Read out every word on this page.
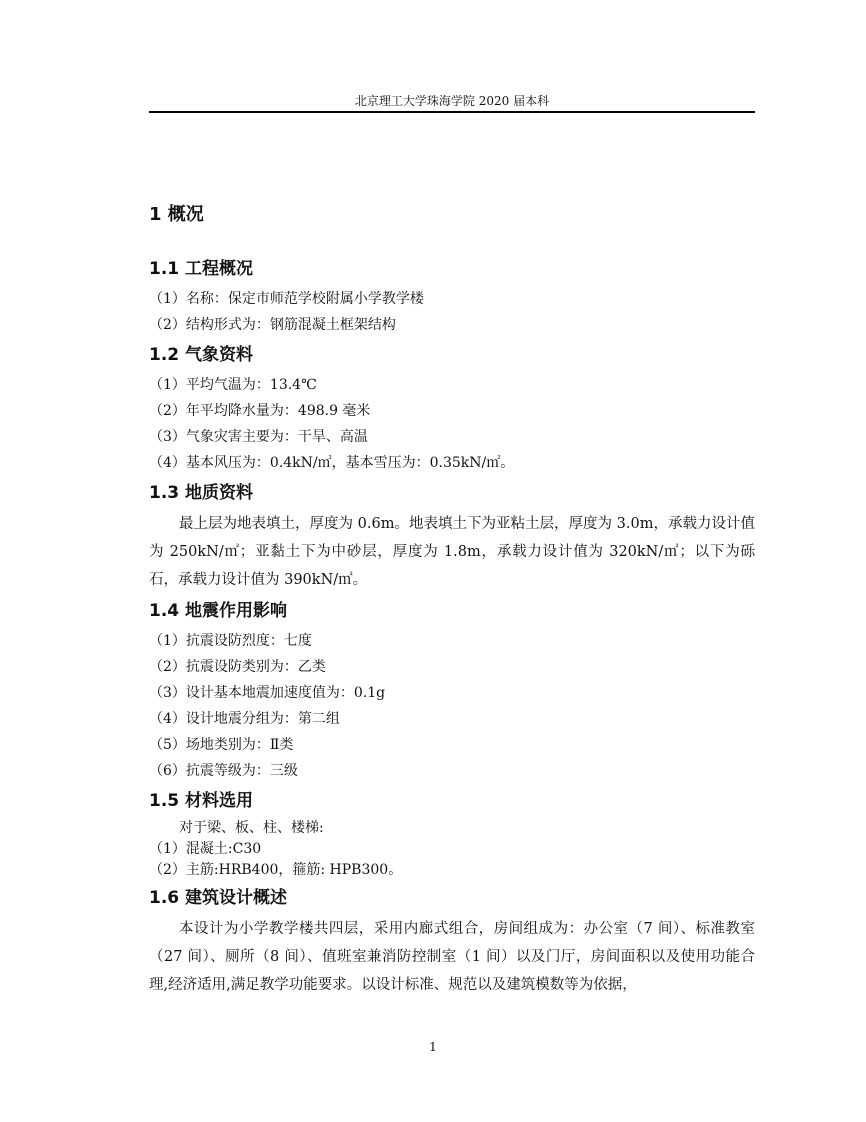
北京理工大学珠海学院 2020 届本科
1 概况
1.1 工程概况

（1）名称：保定市师范学校附属小学教学楼

（2）结构形式为：钢筋混凝土框架结构

1.2 气象资料

（1）平均气温为：13.4℃

（2）年平均降水量为：498.9 毫米

（3）气象灾害主要为：干旱、高温

（4）基本风压为：0.4kN/㎡，基本雪压为：0.35kN/㎡。

1.3 地质资料

最上层为地表填土，厚度为 0.6m。地表填土下为亚粘土层，厚度为 3.0m，承载力设计值为 250kN/㎡；亚黏土下为中砂层，厚度为 1.8m，承载力设计值为 320kN/㎡；以下为砾石，承载力设计值为 390kN/㎡。

1.4 地震作用影响

（1）抗震设防烈度：七度

（2）抗震设防类别为：乙类

（3）设计基本地震加速度值为：0.1g

（4）设计地震分组为：第二组

（5）场地类别为：Ⅱ类

（6）抗震等级为：三级

1.5 材料选用

对于梁、板、柱、楼梯:

（1）混凝土:C30

（2）主筋:HRB400，箍筋: HPB300。

1.6 建筑设计概述

本设计为小学教学楼共四层，采用内廊式组合，房间组成为：办公室（7 间）、标准教室（27 间）、厕所（8 间）、值班室兼消防控制室（1 间）以及门厅，房间面积以及使用功能合理,经济适用,满足教学功能要求。以设计标准、规范以及建筑模数等为依据，

1
